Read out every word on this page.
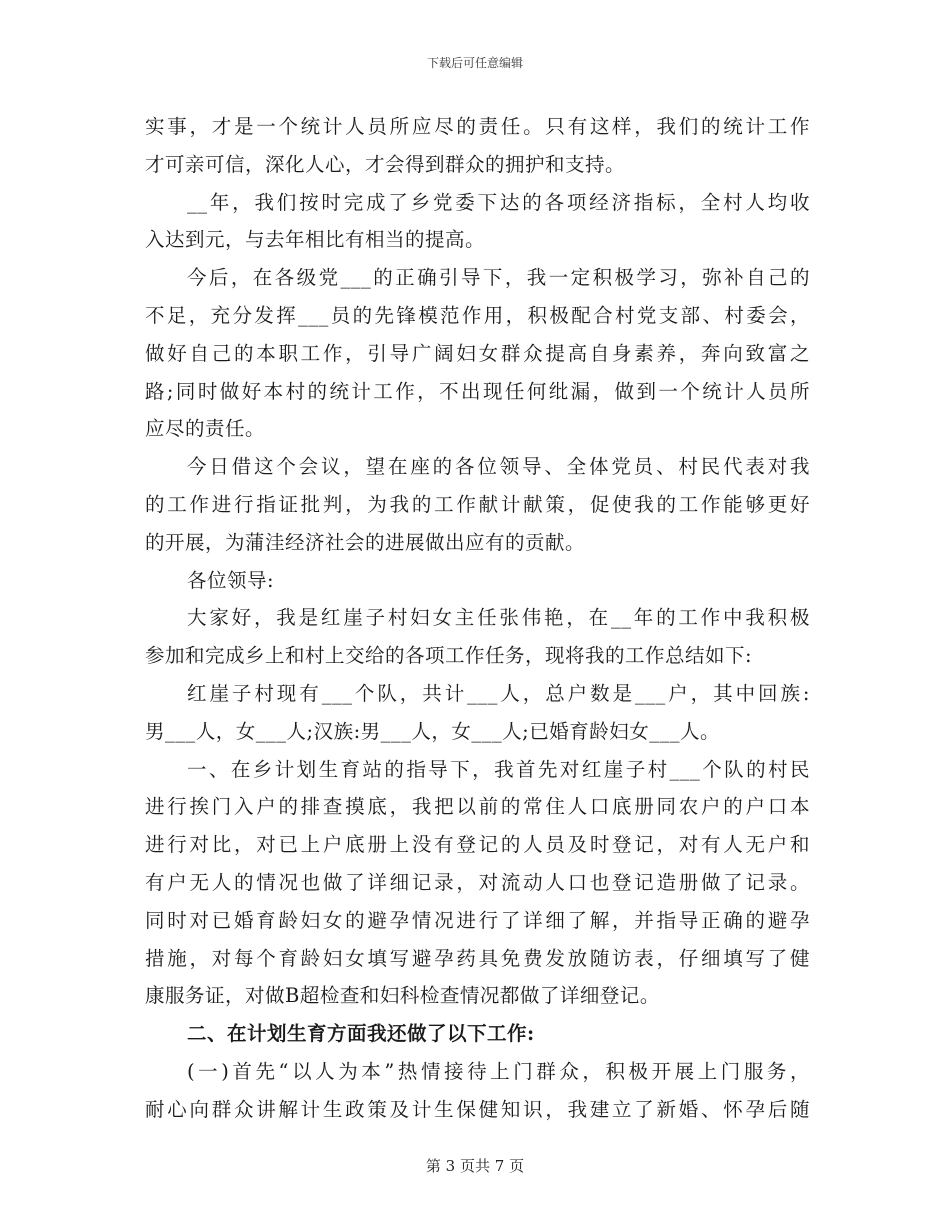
下载后可任意编辑
实事，才是一个统计人员所应尽的责任。只有这样，我们的统计工作
才可亲可信，深化人心，才会得到群众的拥护和支持。
__年，我们按时完成了乡党委下达的各项经济指标，全村人均收
入达到元，与去年相比有相当的提高。
今后，在各级党___的正确引导下，我一定积极学习，弥补自己的
不足，充分发挥___员的先锋模范作用，积极配合村党支部、村委会，
做好自己的本职工作，引导广阔妇女群众提高自身素养，奔向致富之
路;同时做好本村的统计工作，不出现任何纰漏，做到一个统计人员所
应尽的责任。
今日借这个会议，望在座的各位领导、全体党员、村民代表对我
的工作进行指证批判，为我的工作献计献策，促使我的工作能够更好
的开展，为蒲洼经济社会的进展做出应有的贡献。
各位领导:
大家好，我是红崖子村妇女主任张伟艳，在__年的工作中我积极
参加和完成乡上和村上交给的各项工作任务，现将我的工作总结如下:
红崖子村现有___个队，共计___人，总户数是___户，其中回族:
男___人，女___人;汉族:男___人，女___人;已婚育龄妇女___人。
一、在乡计划生育站的指导下，我首先对红崖子村___个队的村民
进行挨门入户的排查摸底，我把以前的常住人口底册同农户的户口本
进行对比，对已上户底册上没有登记的人员及时登记，对有人无户和
有户无人的情况也做了详细记录，对流动人口也登记造册做了记录。
同时对已婚育龄妇女的避孕情况进行了详细了解，并指导正确的避孕
措施，对每个育龄妇女填写避孕药具免费发放随访表，仔细填写了健
康服务证，对做B超检查和妇科检查情况都做了详细登记。
二、在计划生育方面我还做了以下工作:
(一)首先“以人为本”热情接待上门群众，积极开展上门服务，
耐心向群众讲解计生政策及计生保健知识，我建立了新婚、怀孕后随
第 3 页共 7 页
